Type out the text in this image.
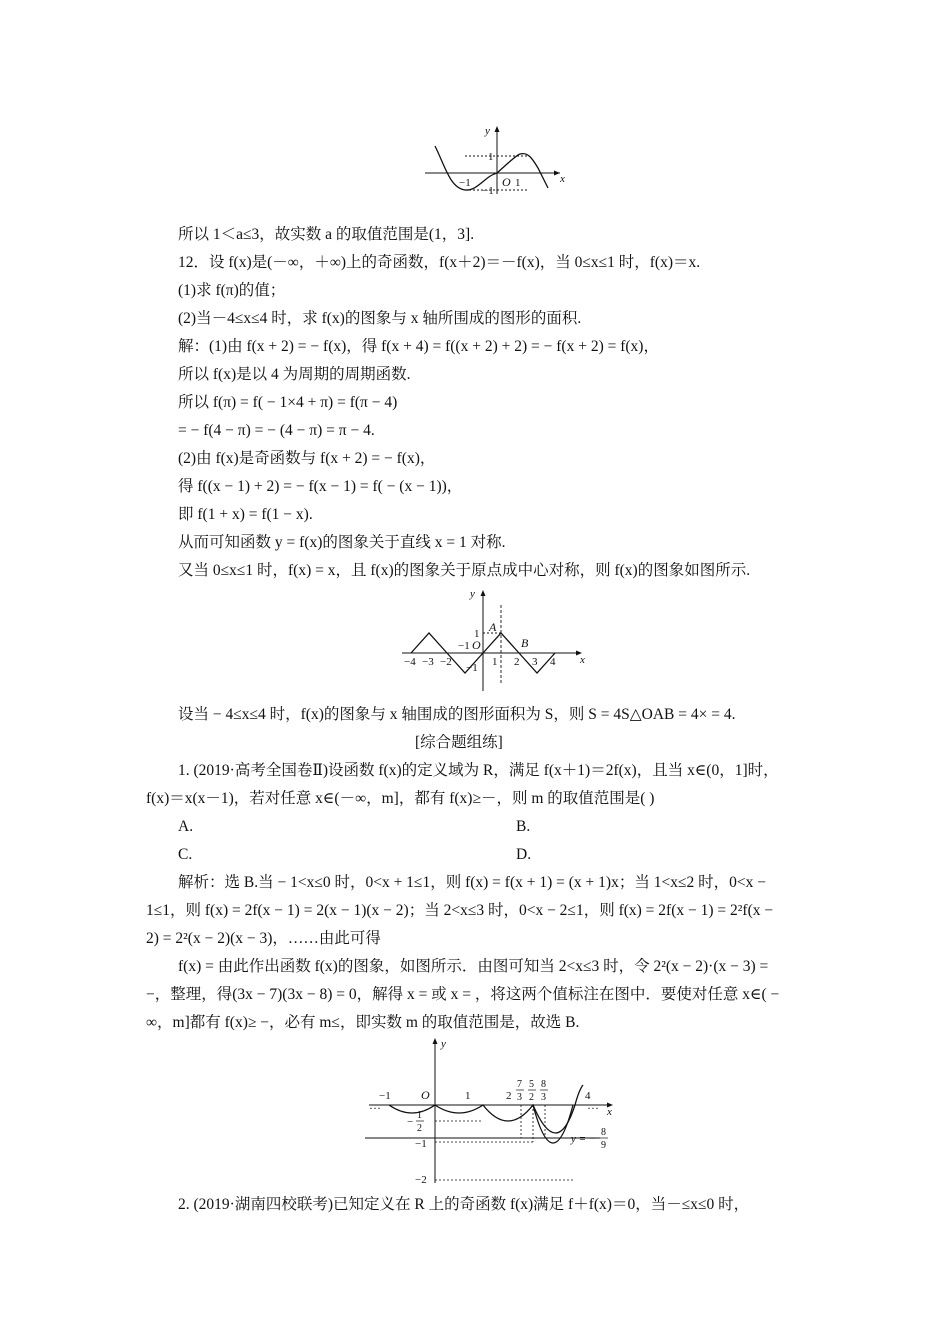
x
y
O
−1	1
1
−1
所以 1＜a≤3，故实数 a 的取值范围是(1，3].
12．设 f(x)是(－∞，＋∞)上的奇函数，f(x＋2)＝－f(x)，当 0≤x≤1 时，f(x)＝x.
(1)求 f(π)的值；
(2)当－4≤x≤4 时，求 f(x)的图象与 x 轴所围成的图形的面积.
解：(1)由 f(x + 2) = − f(x)，得 f(x + 4) = f((x + 2) + 2) = − f(x + 2) = f(x)，
所以 f(x)是以 4 为周期的周期函数.
所以 f(π) = f( − 1×4 + π) = f(π − 4)
= − f(4 − π) = − (4 − π) = π − 4.
(2)由 f(x)是奇函数与 f(x + 2) = − f(x)，
得 f((x − 1) + 2) = − f(x − 1) = f( − (x − 1))，
即 f(1 + x) = f(1 − x).
从而可知函数 y = f(x)的图象关于直线 x = 1 对称.
又当 0≤x≤1 时，f(x) = x，且 f(x)的图象关于原点成中心对称，则 f(x)的图象如图所示.
x
y
O
A
B
−4 −3 −2
−1
1 2 3 4
1
−1
设当 − 4≤x≤4 时，f(x)的图象与 x 轴围成的图形面积为 S，则 S = 4S△OAB = 4× = 4.
[综合题组练]
1. (2019·高考全国卷Ⅱ)设函数 f(x)的定义域为 R，满足 f(x＋1)＝2f(x)，且当 x∈(0，1]时，
f(x)＝x(x－1)，若对任意 x∈(－∞，m]，都有 f(x)≥－，则 m 的取值范围是( )
A.	B.
C.	D.
解析：选 B.当 − 1<x≤0 时，0<x + 1≤1，则 f(x) = f(x + 1) = (x + 1)x；当 1<x≤2 时，0<x −
1≤1，则 f(x) = 2f(x − 1) = 2(x − 1)(x − 2)；当 2<x≤3 时，0<x − 2≤1，则 f(x) = 2f(x − 1) = 2²f(x −
2) = 2²(x − 2)(x − 3)，……由此可得
f(x) = 由此作出函数 f(x)的图象，如图所示．由图可知当 2<x≤3 时，令 2²(x − 2)·(x − 3) =
−，整理，得(3x − 7)(3x − 8) = 0，解得 x = 或 x = ，将这两个值标注在图中．要使对任意 x∈( −
∞，m]都有 f(x)≥ −，必有 m≤，即实数 m 的取值范围是，故选 B.
…	… x
y
O
−1	1	2	4
7
3
5
2
8
3
−
1
2
−1
−2
y = −
8
9
2. (2019·湖南四校联考)已知定义在 R 上的奇函数 f(x)满足 f＋f(x)＝0，当－≤x≤0 时，
